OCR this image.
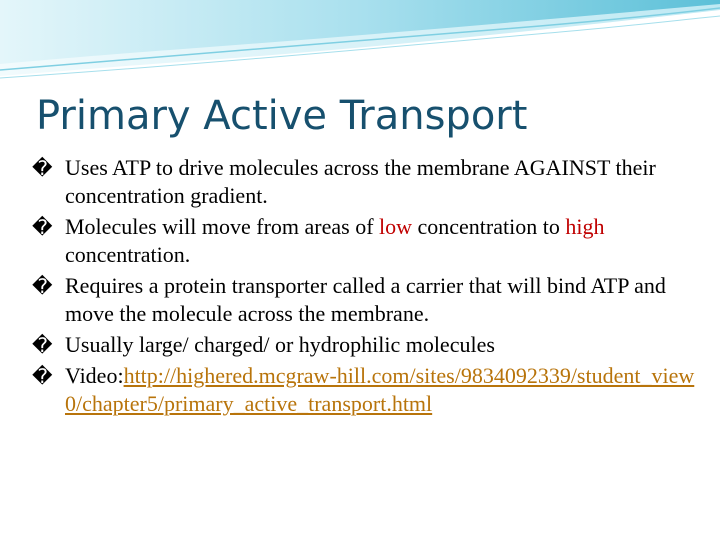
Primary Active Transport
� Uses ATP to drive molecules across the membrane AGAINST their concentration gradient.
� Molecules will move from areas of low concentration to high concentration.
� Requires a protein transporter called a carrier that will bind ATP and move the molecule across the membrane.
� Usually large/ charged/ or hydrophilic molecules
� Video:http://highered.mcgraw-hill.com/sites/9834092339/student_view0/chapter5/primary_active_transport.html
